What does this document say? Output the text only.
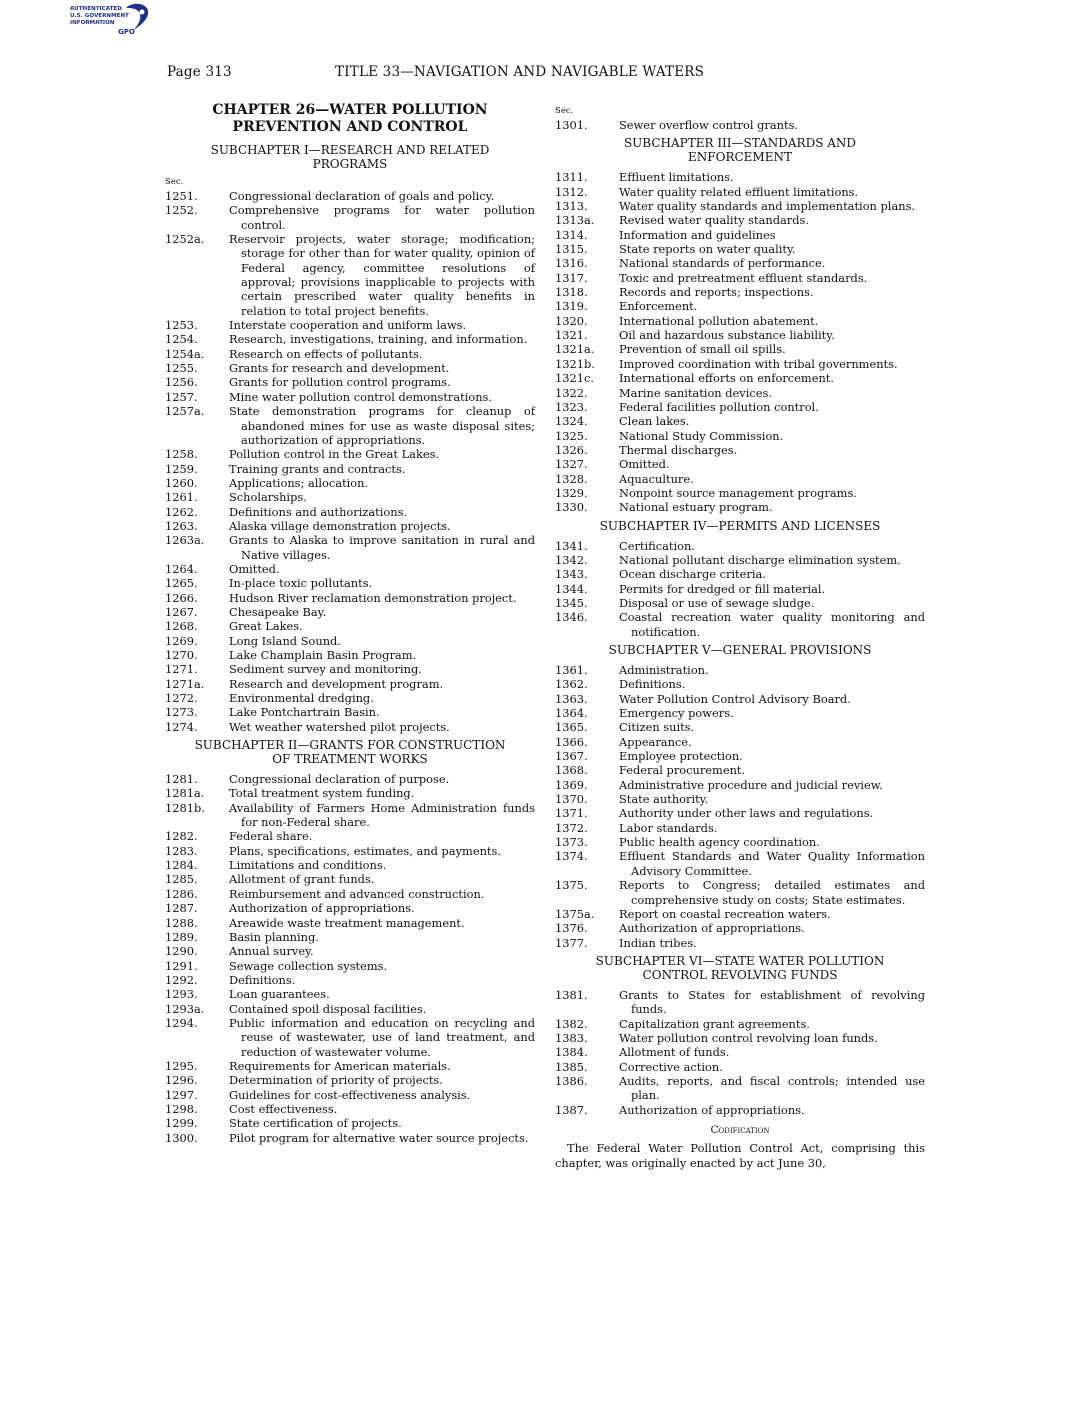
AUTHENTICATED
U.S. GOVERNMENT
INFORMATION
GPO
Page 313	TITLE 33—NAVIGATION AND NAVIGABLE WATERS
CHAPTER 26—WATER POLLUTION
PREVENTION AND CONTROL
SUBCHAPTER I—RESEARCH AND RELATED
PROGRAMS
Sec.
1251.	Congressional declaration of goals and policy.
1252.	Comprehensive programs for water pollution control.
1252a.	Reservoir projects, water storage; modification; storage for other than for water quality, opinion of Federal agency, committee resolutions of approval; provisions inapplicable to projects with certain prescribed water quality benefits in relation to total project benefits.
1253.	Interstate cooperation and uniform laws.
1254.	Research, investigations, training, and information.
1254a.	Research on effects of pollutants.
1255.	Grants for research and development.
1256.	Grants for pollution control programs.
1257.	Mine water pollution control demonstrations.
1257a.	State demonstration programs for cleanup of abandoned mines for use as waste disposal sites; authorization of appropriations.
1258.	Pollution control in the Great Lakes.
1259.	Training grants and contracts.
1260.	Applications; allocation.
1261.	Scholarships.
1262.	Definitions and authorizations.
1263.	Alaska village demonstration projects.
1263a.	Grants to Alaska to improve sanitation in rural and Native villages.
1264.	Omitted.
1265.	In-place toxic pollutants.
1266.	Hudson River reclamation demonstration project.
1267.	Chesapeake Bay.
1268.	Great Lakes.
1269.	Long Island Sound.
1270.	Lake Champlain Basin Program.
1271.	Sediment survey and monitoring.
1271a.	Research and development program.
1272.	Environmental dredging.
1273.	Lake Pontchartrain Basin.
1274.	Wet weather watershed pilot projects.
SUBCHAPTER II—GRANTS FOR CONSTRUCTION
OF TREATMENT WORKS
1281.	Congressional declaration of purpose.
1281a.	Total treatment system funding.
1281b.	Availability of Farmers Home Administration funds for non-Federal share.
1282.	Federal share.
1283.	Plans, specifications, estimates, and payments.
1284.	Limitations and conditions.
1285.	Allotment of grant funds.
1286.	Reimbursement and advanced construction.
1287.	Authorization of appropriations.
1288.	Areawide waste treatment management.
1289.	Basin planning.
1290.	Annual survey.
1291.	Sewage collection systems.
1292.	Definitions.
1293.	Loan guarantees.
1293a.	Contained spoil disposal facilities.
1294.	Public information and education on recycling and reuse of wastewater, use of land treatment, and reduction of wastewater volume.
1295.	Requirements for American materials.
1296.	Determination of priority of projects.
1297.	Guidelines for cost-effectiveness analysis.
1298.	Cost effectiveness.
1299.	State certification of projects.
1300.	Pilot program for alternative water source projects.
Sec.
1301.	Sewer overflow control grants.
SUBCHAPTER III—STANDARDS AND
ENFORCEMENT
1311.	Effluent limitations.
1312.	Water quality related effluent limitations.
1313.	Water quality standards and implementation plans.
1313a.	Revised water quality standards.
1314.	Information and guidelines
1315.	State reports on water quality.
1316.	National standards of performance.
1317.	Toxic and pretreatment effluent standards.
1318.	Records and reports; inspections.
1319.	Enforcement.
1320.	International pollution abatement.
1321.	Oil and hazardous substance liability.
1321a.	Prevention of small oil spills.
1321b.	Improved coordination with tribal governments.
1321c.	International efforts on enforcement.
1322.	Marine sanitation devices.
1323.	Federal facilities pollution control.
1324.	Clean lakes.
1325.	National Study Commission.
1326.	Thermal discharges.
1327.	Omitted.
1328.	Aquaculture.
1329.	Nonpoint source management programs.
1330.	National estuary program.
SUBCHAPTER IV—PERMITS AND LICENSES
1341.	Certification.
1342.	National pollutant discharge elimination system.
1343.	Ocean discharge criteria.
1344.	Permits for dredged or fill material.
1345.	Disposal or use of sewage sludge.
1346.	Coastal recreation water quality monitoring and notification.
SUBCHAPTER V—GENERAL PROVISIONS
1361.	Administration.
1362.	Definitions.
1363.	Water Pollution Control Advisory Board.
1364.	Emergency powers.
1365.	Citizen suits.
1366.	Appearance.
1367.	Employee protection.
1368.	Federal procurement.
1369.	Administrative procedure and judicial review.
1370.	State authority.
1371.	Authority under other laws and regulations.
1372.	Labor standards.
1373.	Public health agency coordination.
1374.	Effluent Standards and Water Quality Information Advisory Committee.
1375.	Reports to Congress; detailed estimates and comprehensive study on costs; State estimates.
1375a.	Report on coastal recreation waters.
1376.	Authorization of appropriations.
1377.	Indian tribes.
SUBCHAPTER VI—STATE WATER POLLUTION
CONTROL REVOLVING FUNDS
1381.	Grants to States for establishment of revolving funds.
1382.	Capitalization grant agreements.
1383.	Water pollution control revolving loan funds.
1384.	Allotment of funds.
1385.	Corrective action.
1386.	Audits, reports, and fiscal controls; intended use plan.
1387.	Authorization of appropriations.
Codification

The Federal Water Pollution Control Act, comprising this chapter, was originally enacted by act June 30,
